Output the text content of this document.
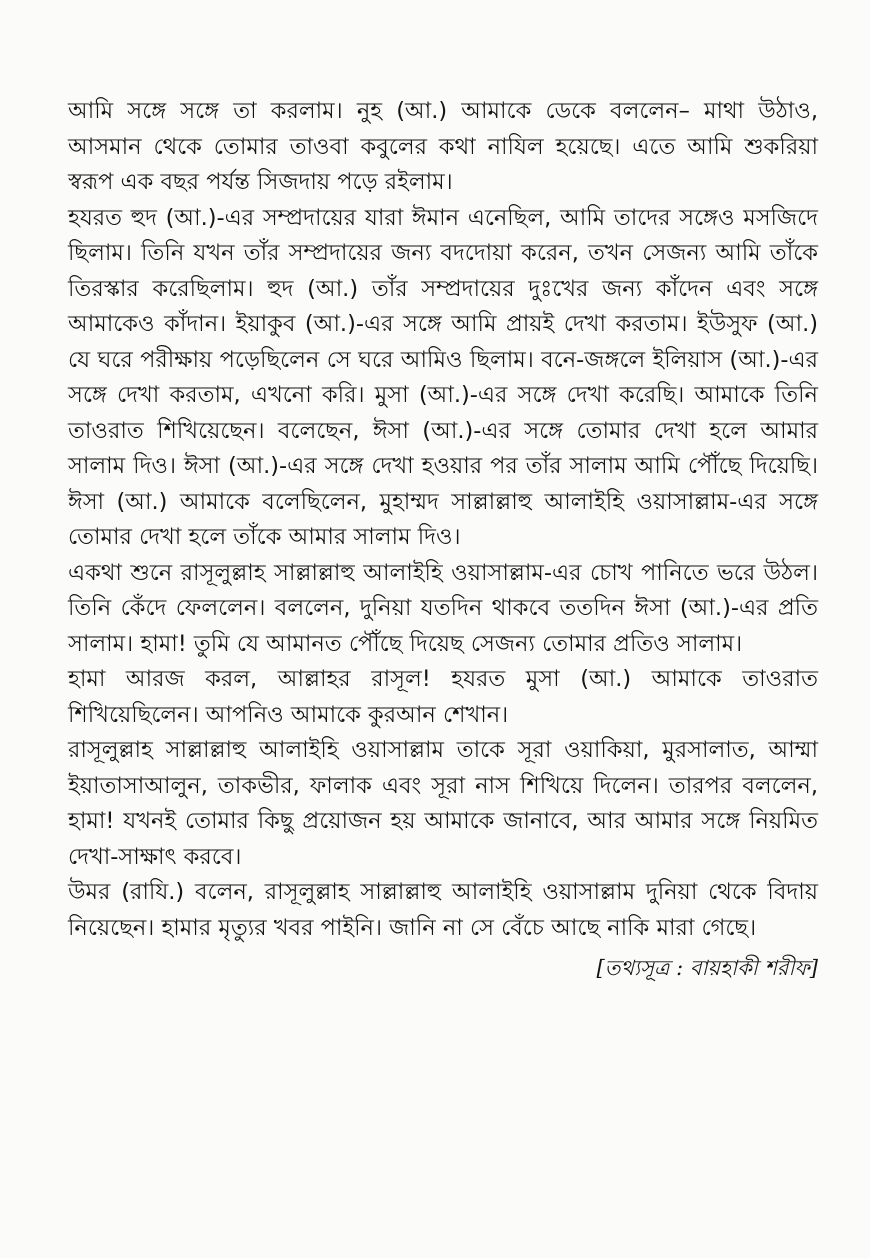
আমি সঙ্গে সঙ্গে তা করলাম। নুহ (আ.) আমাকে ডেকে বললেন– মাথা উঠাও, আসমান থেকে তোমার তাওবা কবুলের কথা নাযিল হয়েছে। এতে আমি শুকরিয়া স্বরূপ এক বছর পর্যন্ত সিজদায় পড়ে রইলাম।

হযরত হুদ (আ.)-এর সম্প্রদায়ের যারা ঈমান এনেছিল, আমি তাদের সঙ্গেও মসজিদে ছিলাম। তিনি যখন তাঁর সম্প্রদায়ের জন্য বদদোয়া করেন, তখন সেজন্য আমি তাঁকে তিরস্কার করেছিলাম। হুদ (আ.) তাঁর সম্প্রদায়ের দুঃখের জন্য কাঁদেন এবং সঙ্গে আমাকেও কাঁদান। ইয়াকুব (আ.)-এর সঙ্গে আমি প্রায়ই দেখা করতাম। ইউসুফ (আ.) যে ঘরে পরীক্ষায় পড়েছিলেন সে ঘরে আমিও ছিলাম। বনে-জঙ্গলে ইলিয়াস (আ.)-এর সঙ্গে দেখা করতাম, এখনো করি। মুসা (আ.)-এর সঙ্গে দেখা করেছি। আমাকে তিনি তাওরাত শিখিয়েছেন। বলেছেন, ঈসা (আ.)-এর সঙ্গে তোমার দেখা হলে আমার সালাম দিও। ঈসা (আ.)-এর সঙ্গে দেখা হওয়ার পর তাঁর সালাম আমি পৌঁছে দিয়েছি। ঈসা (আ.) আমাকে বলেছিলেন, মুহাম্মদ সাল্লাল্লাহু আলাইহি ওয়াসাল্লাম-এর সঙ্গে তোমার দেখা হলে তাঁকে আমার সালাম দিও।

একথা শুনে রাসূলুল্লাহ সাল্লাল্লাহু আলাইহি ওয়াসাল্লাম-এর চোখ পানিতে ভরে উঠল। তিনি কেঁদে ফেললেন। বললেন, দুনিয়া যতদিন থাকবে ততদিন ঈসা (আ.)-এর প্রতি সালাম। হামা! তুমি যে আমানত পৌঁছে দিয়েছ সেজন্য তোমার প্রতিও সালাম।

হামা আরজ করল, আল্লাহর রাসূল! হযরত মুসা (আ.) আমাকে তাওরাত শিখিয়েছিলেন। আপনিও আমাকে কুরআন শেখান।

রাসূলুল্লাহ সাল্লাল্লাহু আলাইহি ওয়াসাল্লাম তাকে সূরা ওয়াকিয়া, মুরসালাত, আম্মা ইয়াতাসাআলুন, তাকভীর, ফালাক এবং সূরা নাস শিখিয়ে দিলেন। তারপর বললেন, হামা! যখনই তোমার কিছু প্রয়োজন হয় আমাকে জানাবে, আর আমার সঙ্গে নিয়মিত দেখা-সাক্ষাৎ করবে।

উমর (রাযি.) বলেন, রাসূলুল্লাহ সাল্লাল্লাহু আলাইহি ওয়াসাল্লাম দুনিয়া থেকে বিদায় নিয়েছেন। হামার মৃত্যুর খবর পাইনি। জানি না সে বেঁচে আছে নাকি মারা গেছে।

[তথ্যসূত্র : বায়হাকী শরীফ]
